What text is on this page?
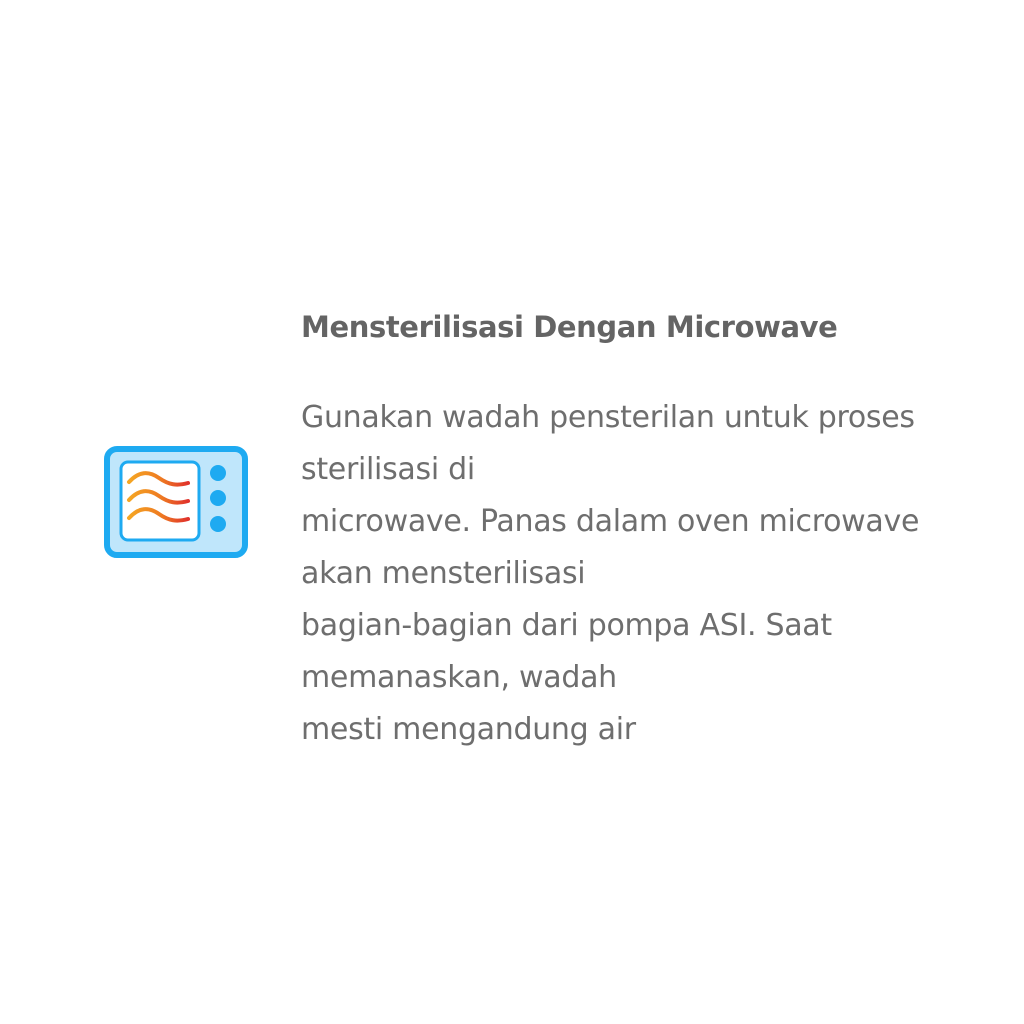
Mensterilisasi Dengan Microwave

Gunakan wadah pensterilan untuk proses
sterilisasi di
microwave. Panas dalam oven microwave
akan mensterilisasi
bagian-bagian dari pompa ASI. Saat
memanaskan, wadah
mesti mengandung air
